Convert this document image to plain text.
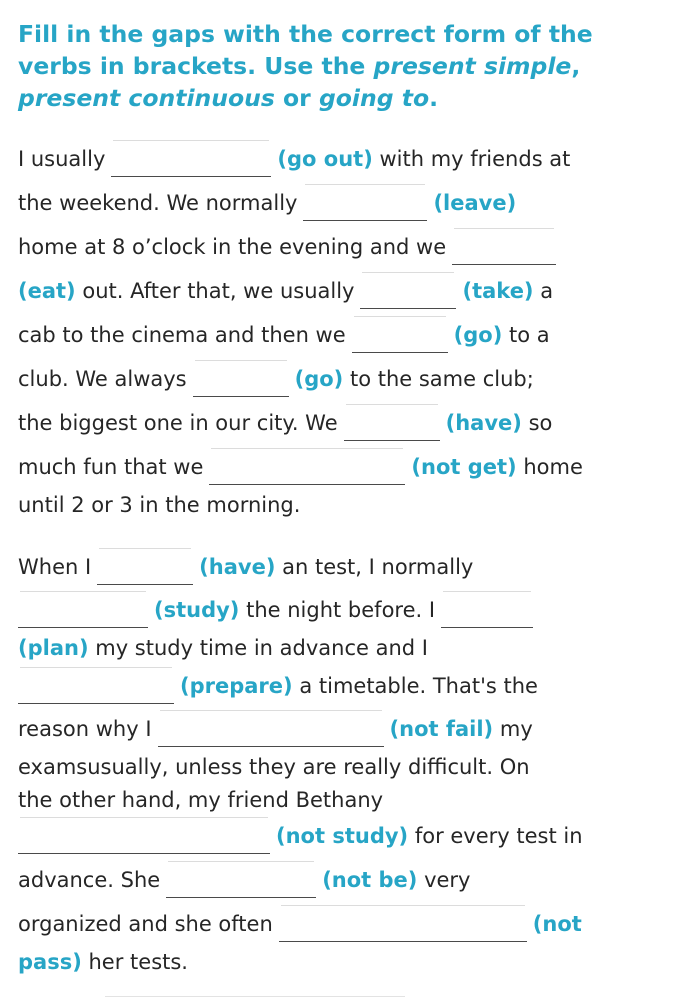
Fill in the gaps with the correct form of the verbs in brackets. Use the present simple, present continuous or going to.

I usually	(go out) with my friends at
the weekend. We normally	(leave)
home at 8 o’clock in the evening and we
(eat) out. After that, we usually	(take) a
cab to the cinema and then we	(go) to a
club. We always	(go) to the same club;
the biggest one in our city. We	(have) so
much fun that we	(not get) home
until 2 or 3 in the morning.
When I	(have) an test, I normally
(study) the night before. I
(plan) my study time in advance and I
(prepare) a timetable. That's the
reason why I	(not fail) my
examsusually, unless they are really difficult. On
the other hand, my friend Bethany
(not study) for every test in
advance. She	(not be) very
organized and she often	(not
pass) her tests.
